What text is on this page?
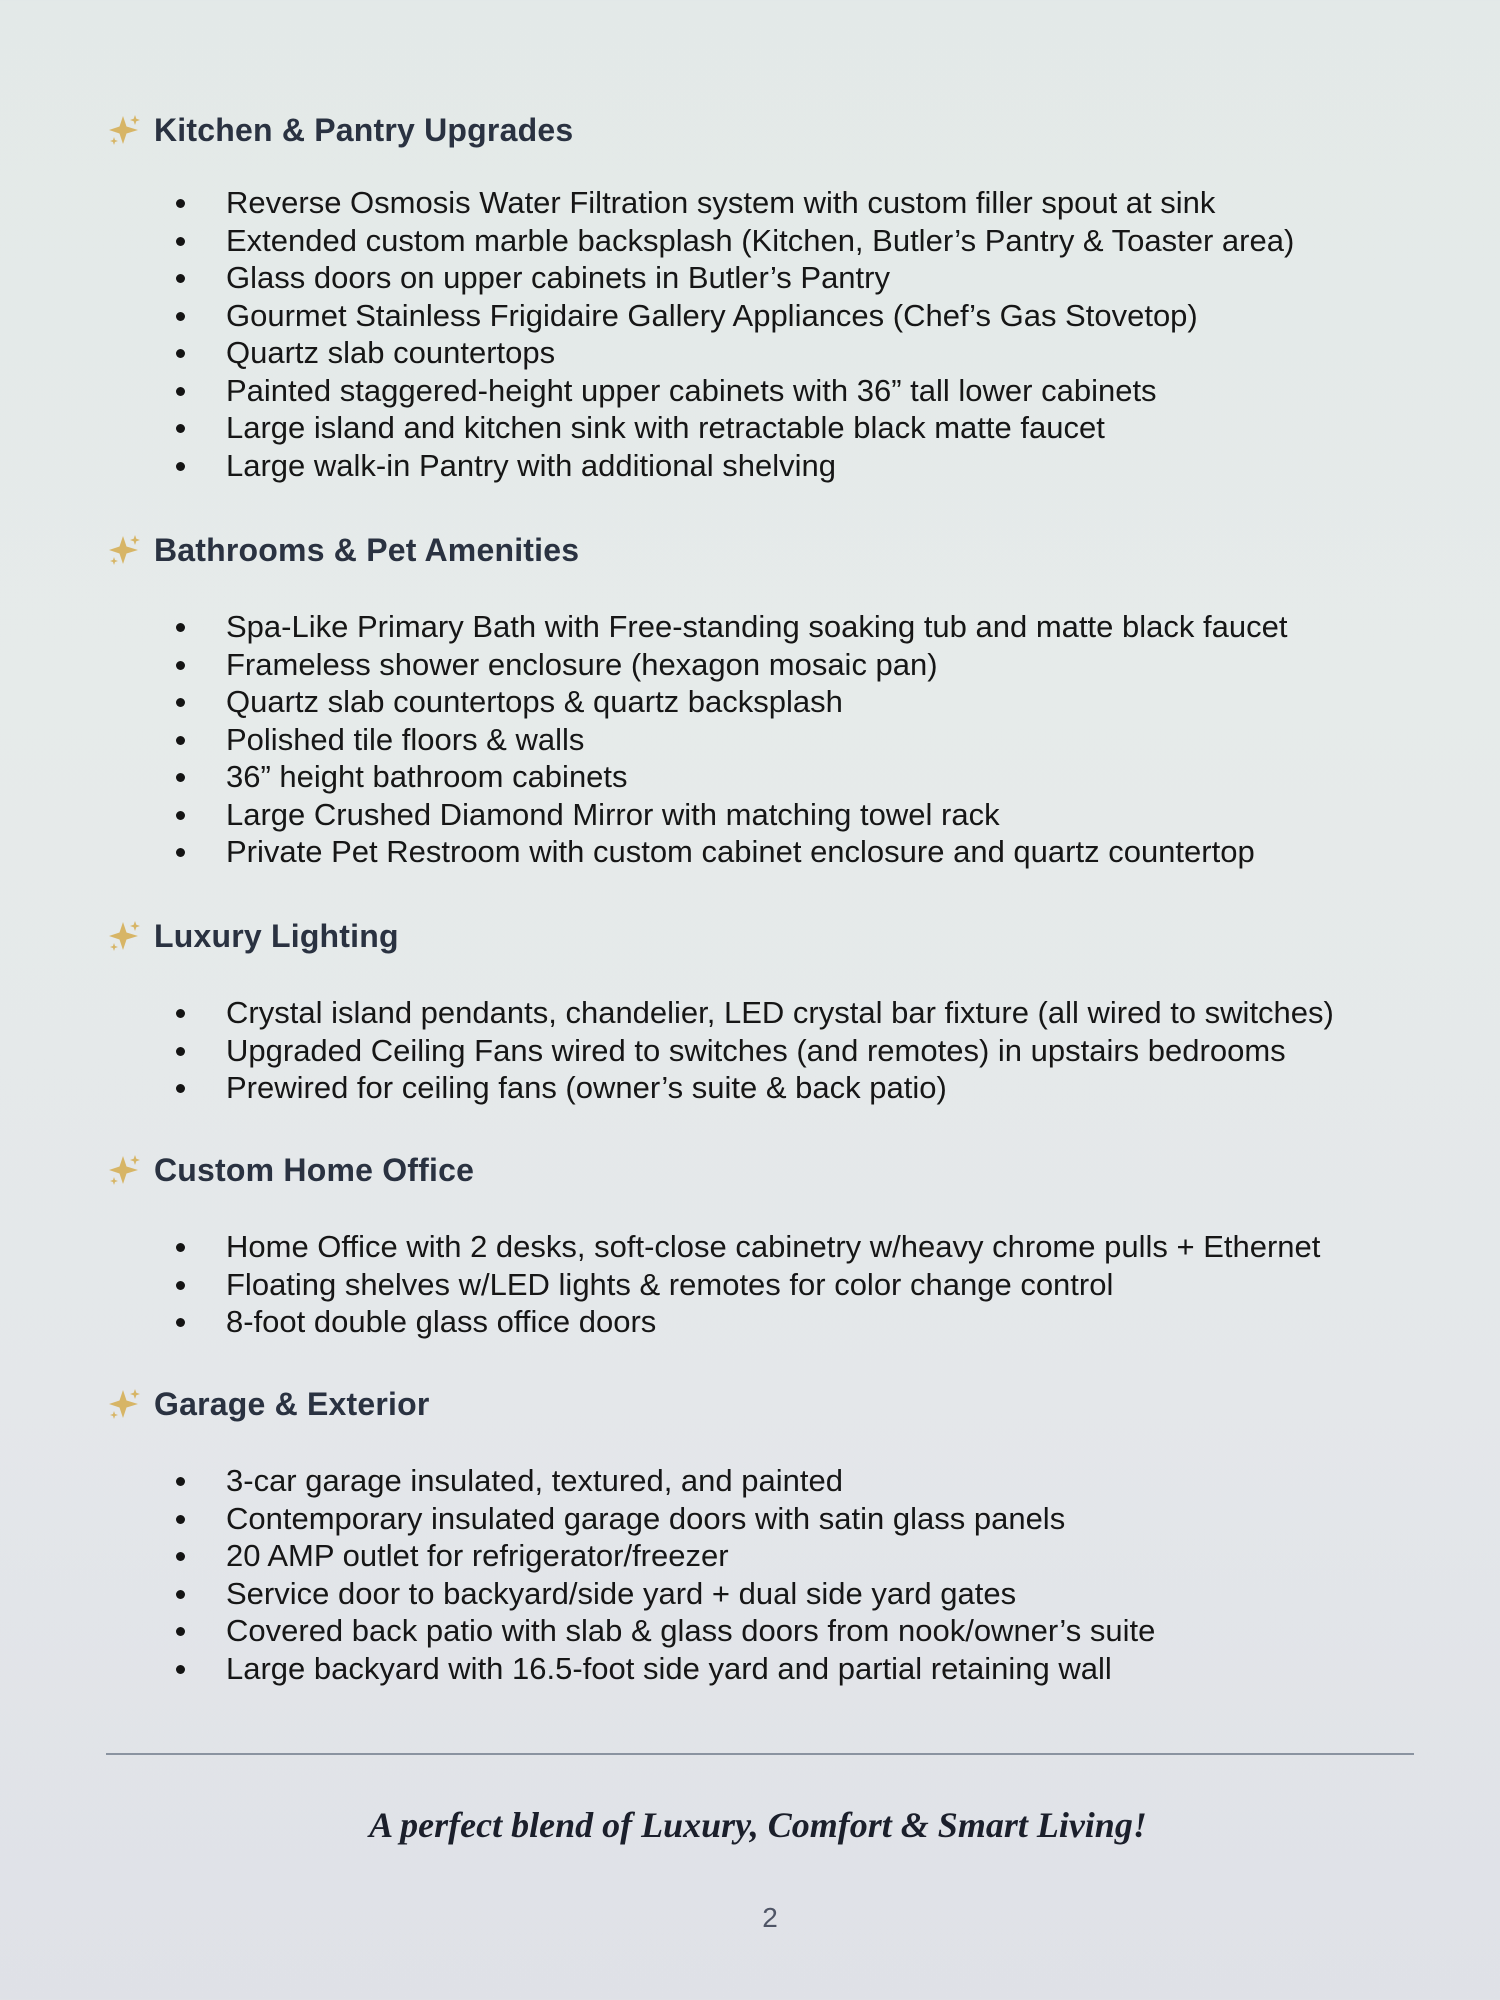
Kitchen & Pantry Upgrades
Reverse Osmosis Water Filtration system with custom filler spout at sink
Extended custom marble backsplash (Kitchen, Butler’s Pantry & Toaster area)
Glass doors on upper cabinets in Butler’s Pantry
Gourmet Stainless Frigidaire Gallery Appliances (Chef’s Gas Stovetop)
Quartz slab countertops
Painted staggered-height upper cabinets with 36” tall lower cabinets
Large island and kitchen sink with retractable black matte faucet
Large walk-in Pantry with additional shelving
Bathrooms & Pet Amenities
Spa-Like Primary Bath with Free-standing soaking tub and matte black faucet
Frameless shower enclosure (hexagon mosaic pan)
Quartz slab countertops & quartz backsplash
Polished tile floors & walls
36” height bathroom cabinets
Large Crushed Diamond Mirror with matching towel rack
Private Pet Restroom with custom cabinet enclosure and quartz countertop
Luxury Lighting
Crystal island pendants, chandelier, LED crystal bar fixture (all wired to switches)
Upgraded Ceiling Fans wired to switches (and remotes) in upstairs bedrooms
Prewired for ceiling fans (owner’s suite & back patio)
Custom Home Office
Home Office with 2 desks, soft-close cabinetry w/heavy chrome pulls + Ethernet
Floating shelves w/LED lights & remotes for color change control
8-foot double glass office doors
Garage & Exterior
3-car garage insulated, textured, and painted
Contemporary insulated garage doors with satin glass panels
20 AMP outlet for refrigerator/freezer
Service door to backyard/side yard + dual side yard gates
Covered back patio with slab & glass doors from nook/owner’s suite
Large backyard with 16.5-foot side yard and partial retaining wall
A perfect blend of Luxury, Comfort & Smart Living!
2
